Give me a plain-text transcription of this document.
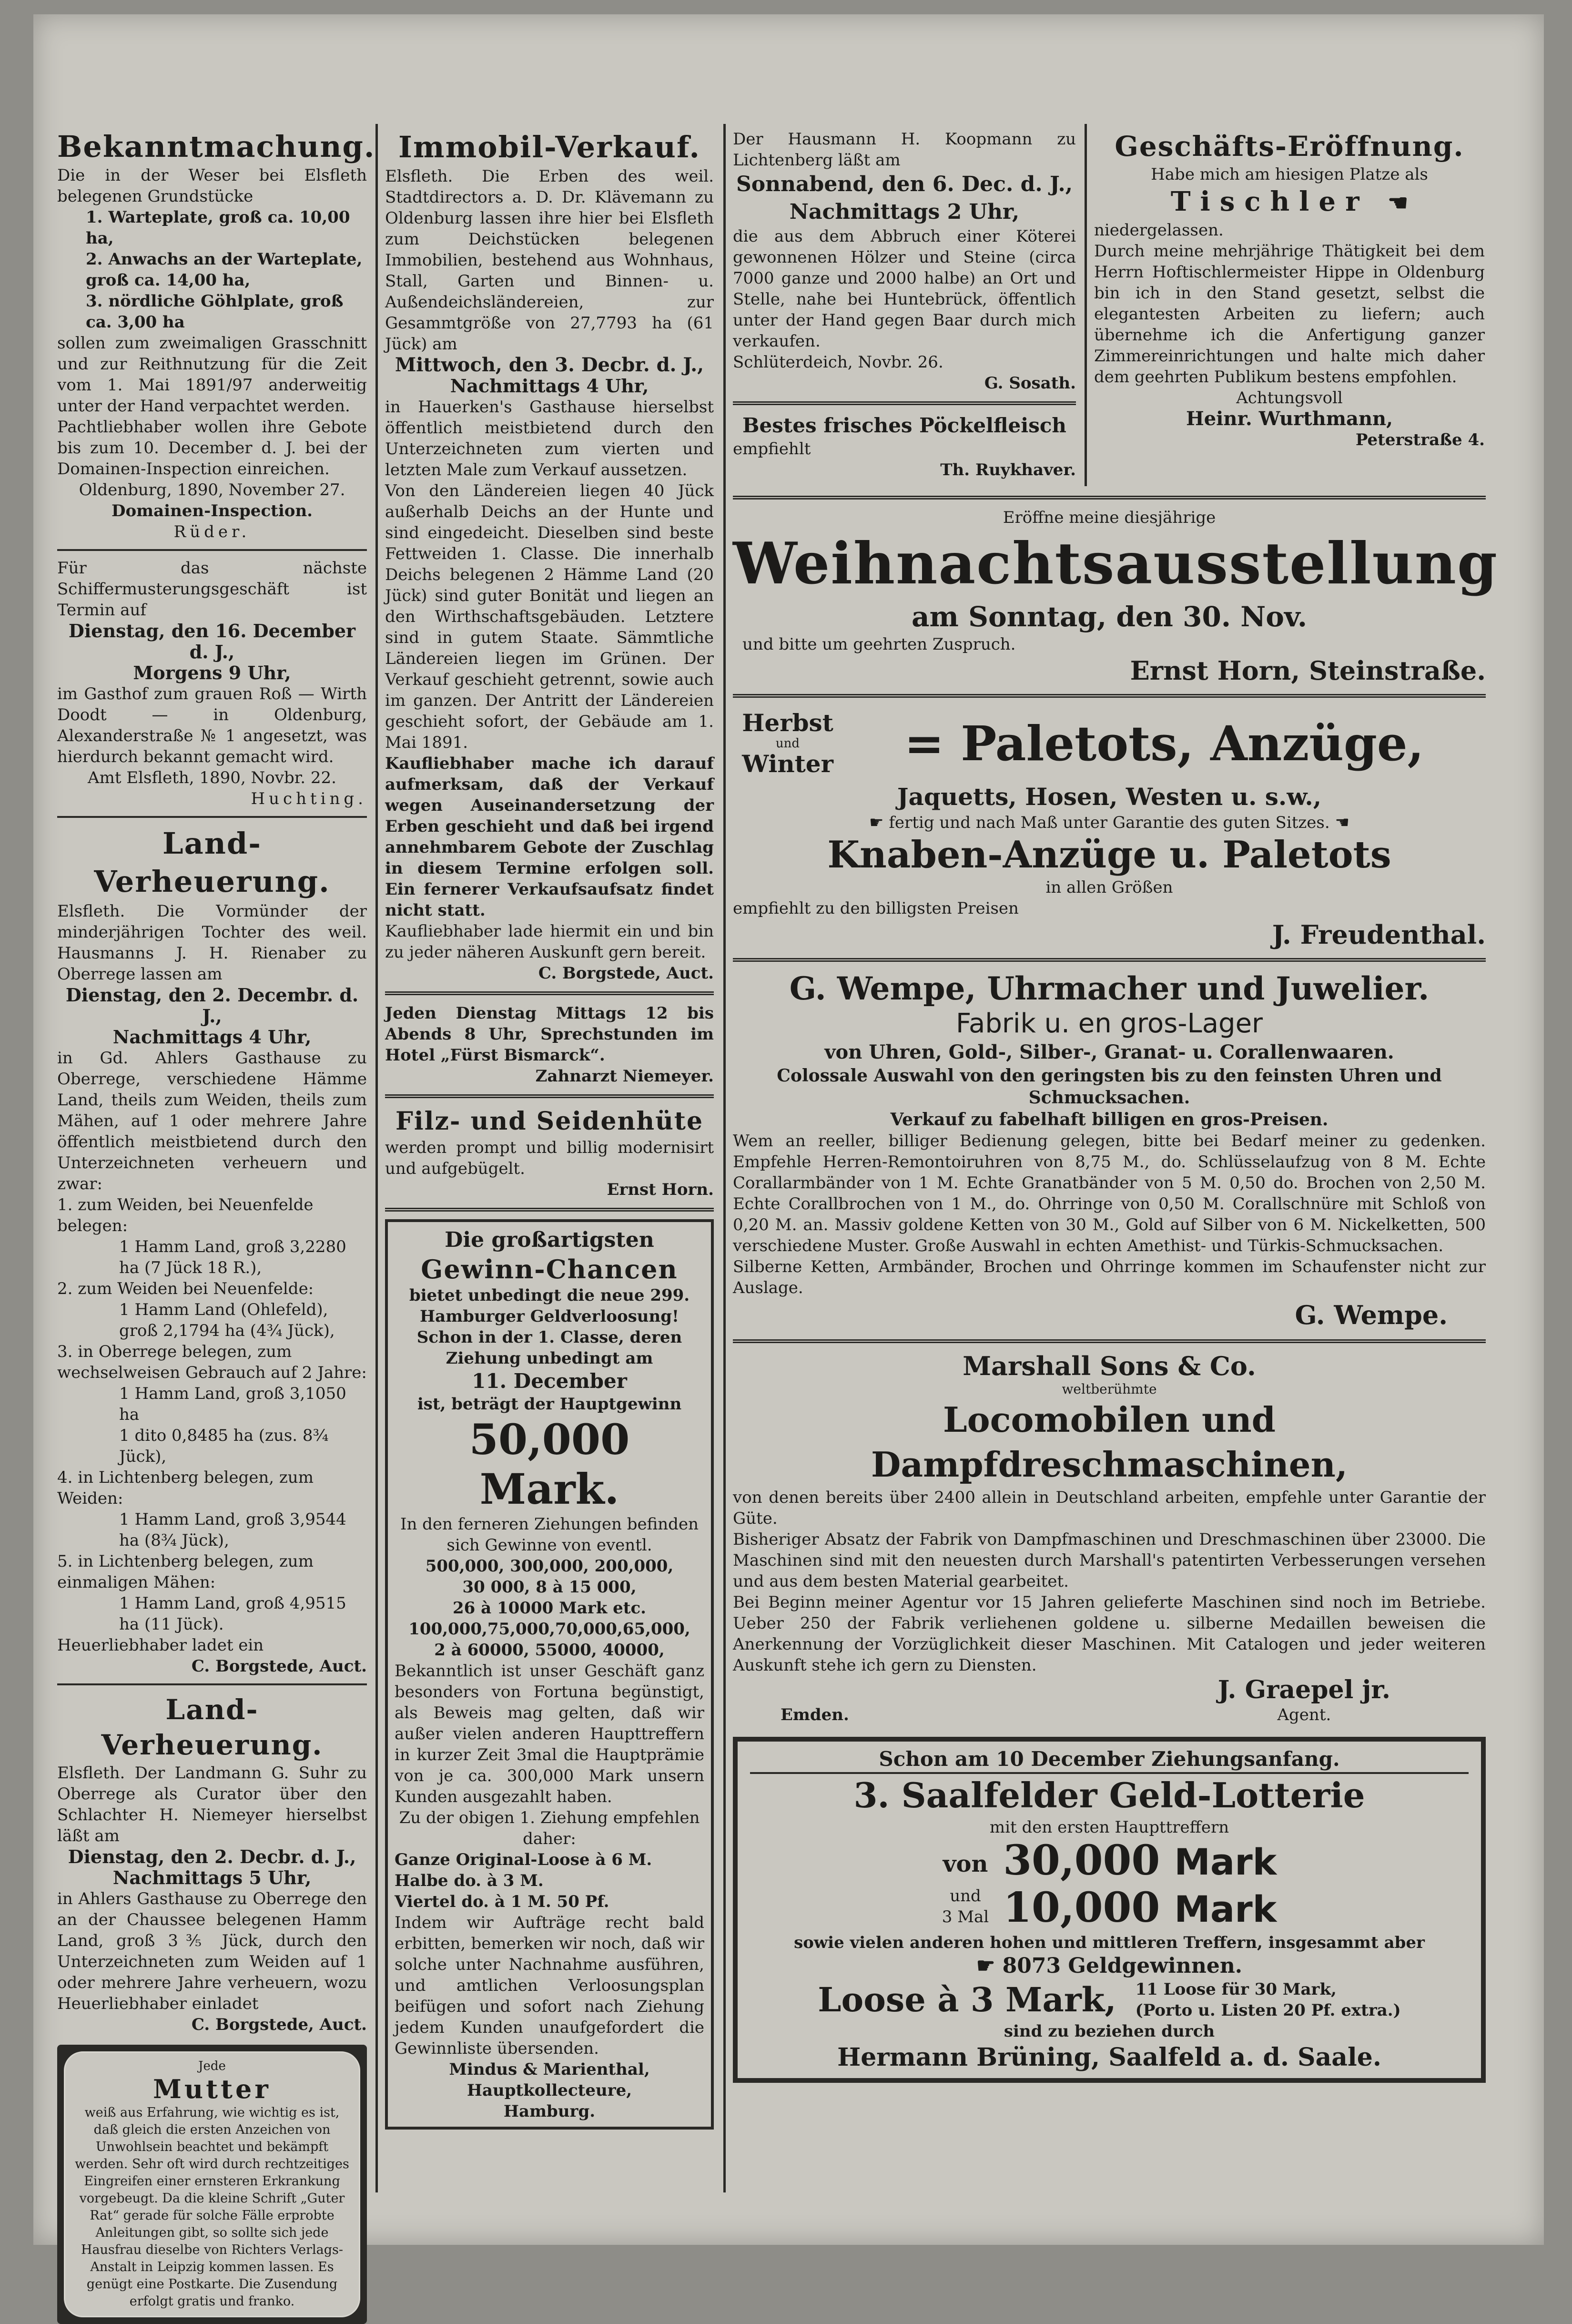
Bekanntmachung.

Die in der Weser bei Elsfleth belegenen Grundstücke

1. Warteplate, groß ca. 10,00 ha,

2. Anwachs an der Warteplate, groß ca. 14,00 ha,

3. nördliche Göhlplate, groß ca. 3,00 ha

sollen zum zweimaligen Grasschnitt und zur Reithnutzung für die Zeit vom 1. Mai 1891/97 anderweitig unter der Hand verpachtet werden.

Pachtliebhaber wollen ihre Gebote bis zum 10. December d. J. bei der Domainen-Inspection einreichen.

Oldenburg, 1890, November 27.

Domainen-Inspection.

Rüder.

Für das nächste Schiffermusterungsgeschäft ist Termin auf

Dienstag, den 16. December d. J.,

Morgens 9 Uhr,

im Gasthof zum grauen Roß — Wirth Doodt — in Oldenburg, Alexanderstraße № 1 angesetzt, was hierdurch bekannt gemacht wird.

Amt Elsfleth, 1890, Novbr. 22.

Huchting.

Land-Verheuerung.

Elsfleth. Die Vormünder der minderjährigen Tochter des weil. Hausmanns J. H. Rienaber zu Oberrege lassen am

Dienstag, den 2. Decembr. d. J.,

Nachmittags 4 Uhr,

in Gd. Ahlers Gasthause zu Oberrege, verschiedene Hämme Land, theils zum Weiden, theils zum Mähen, auf 1 oder mehrere Jahre öffentlich meistbietend durch den Unterzeichneten verheuern und zwar:

1. zum Weiden, bei Neuenfelde belegen:

1 Hamm Land, groß 3,2280 ha (7 Jück 18 R.),

2. zum Weiden bei Neuenfelde:

1 Hamm Land (Ohlefeld), groß 2,1794 ha (4¾ Jück),

3. in Oberrege belegen, zum wechselweisen Gebrauch auf 2 Jahre:

1 Hamm Land, groß 3,1050 ha

1 dito 0,8485 ha (zus. 8¾ Jück),

4. in Lichtenberg belegen, zum Weiden:

1 Hamm Land, groß 3,9544 ha (8¾ Jück),

5. in Lichtenberg belegen, zum einmaligen Mähen:

1 Hamm Land, groß 4,9515 ha (11 Jück).

Heuerliebhaber ladet ein

C. Borgstede, Auct.

Land-Verheuerung.

Elsfleth. Der Landmann G. Suhr zu Oberrege als Curator über den Schlachter H. Niemeyer hierselbst läßt am

Dienstag, den 2. Decbr. d. J.,

Nachmittags 5 Uhr,

in Ahlers Gasthause zu Oberrege den an der Chaussee belegenen Hamm Land, groß 3⅗ Jück, durch den Unterzeichneten zum Weiden auf 1 oder mehrere Jahre verheuern, wozu Heuerliebhaber einladet

C. Borgstede, Auct.

Jede

Mutter

weiß aus Erfahrung, wie wichtig es ist, daß gleich die ersten Anzeichen von Unwohlsein beachtet und bekämpft werden. Sehr oft wird durch rechtzeitiges Eingreifen einer ernsteren Erkrankung vorgebeugt. Da die kleine Schrift „Guter Rat“ gerade für solche Fälle erprobte Anleitungen gibt, so sollte sich jede Hausfrau dieselbe von Richters Verlags-Anstalt in Leipzig kommen lassen. Es genügt eine Postkarte. Die Zusendung erfolgt gratis und franko.

Immobil-Verkauf.

Elsfleth. Die Erben des weil. Stadtdirectors a. D. Dr. Klävemann zu Oldenburg lassen ihre hier bei Elsfleth zum Deichstücken belegenen Immobilien, bestehend aus Wohnhaus, Stall, Garten und Binnen- u. Außendeichsländereien, zur Gesammtgröße von 27,7793 ha (61 Jück) am

Mittwoch, den 3. Decbr. d. J.,

Nachmittags 4 Uhr,

in Hauerken's Gasthause hierselbst öffentlich meistbietend durch den Unterzeichneten zum vierten und letzten Male zum Verkauf aussetzen.

Von den Ländereien liegen 40 Jück außerhalb Deichs an der Hunte und sind eingedeicht. Dieselben sind beste Fettweiden 1. Classe. Die innerhalb Deichs belegenen 2 Hämme Land (20 Jück) sind guter Bonität und liegen an den Wirthschaftsgebäuden. Letztere sind in gutem Staate. Sämmtliche Ländereien liegen im Grünen. Der Verkauf geschieht getrennt, sowie auch im ganzen. Der Antritt der Ländereien geschieht sofort, der Gebäude am 1. Mai 1891.

Kaufliebhaber mache ich darauf aufmerksam, daß der Verkauf wegen Auseinandersetzung der Erben geschieht und daß bei irgend annehmbarem Gebote der Zuschlag in diesem Termine erfolgen soll. Ein fernerer Verkaufsaufsatz findet nicht statt.

Kaufliebhaber lade hiermit ein und bin zu jeder näheren Auskunft gern bereit.

C. Borgstede, Auct.

Jeden Dienstag Mittags 12 bis Abends 8 Uhr, Sprechstunden im Hotel „Fürst Bismarck“.

Zahnarzt Niemeyer.

Filz- und Seidenhüte

werden prompt und billig modernisirt und aufgebügelt.

Ernst Horn.

Die großartigsten

Gewinn-Chancen

bietet unbedingt die neue 299. Hamburger Geldverloosung!

Schon in der 1. Classe, deren Ziehung unbedingt am

11. December

ist, beträgt der Hauptgewinn

50,000 Mark.

In den ferneren Ziehungen befinden sich Gewinne von eventl.

500,000, 300,000, 200,000,

30 000, 8 à 15 000,

26 à 10000 Mark etc.

100,000,75,000,70,000,65,000,

2 à 60000, 55000, 40000,

Bekanntlich ist unser Geschäft ganz besonders von Fortuna begünstigt, als Beweis mag gelten, daß wir außer vielen anderen Haupttreffern in kurzer Zeit 3mal die Hauptprämie von je ca. 300,000 Mark unsern Kunden ausgezahlt haben.

Zu der obigen 1. Ziehung empfehlen daher:

Ganze Original-Loose à 6 M.

Halbe do. à 3 M.

Viertel do. à 1 M. 50 Pf.

Indem wir Aufträge recht bald erbitten, bemerken wir noch, daß wir solche unter Nachnahme ausführen, und amtlichen Verloosungsplan beifügen und sofort nach Ziehung jedem Kunden unaufgefordert die Gewinnliste übersenden.

Mindus & Marienthal,

Hauptkollecteure,

Hamburg.

Der Hausmann H. Koopmann zu Lichtenberg läßt am

Sonnabend, den 6. Dec. d. J.,

Nachmittags 2 Uhr,

die aus dem Abbruch einer Köterei gewonnenen Hölzer und Steine (circa 7000 ganze und 2000 halbe) an Ort und Stelle, nahe bei Huntebrück, öffentlich unter der Hand gegen Baar durch mich verkaufen.

Schlüterdeich, Novbr. 26.

G. Sosath.

Bestes frisches Pöckelfleisch

empfiehlt

Th. Ruykhaver.

Geschäfts-Eröffnung.

Habe mich am hiesigen Platze als

Tischler ☚

niedergelassen.

Durch meine mehrjährige Thätigkeit bei dem Herrn Hoftischlermeister Hippe in Oldenburg bin ich in den Stand gesetzt, selbst die elegantesten Arbeiten zu liefern; auch übernehme ich die Anfertigung ganzer Zimmereinrichtungen und halte mich daher dem geehrten Publikum bestens empfohlen.

Achtungsvoll

Heinr. Wurthmann,

Peterstraße 4.

Eröffne meine diesjährige

Weihnachtsausstellung

am Sonntag, den 30. Nov.

und bitte um geehrten Zuspruch.

Ernst Horn, Steinstraße.

Herbst

und

Winter	= Paletots, Anzüge,

Jaquetts, Hosen, Westen u. s.w.,

☛ fertig und nach Maß unter Garantie des guten Sitzes. ☚

Knaben-Anzüge u. Paletots

in allen Größen

empfiehlt zu den billigsten Preisen

J. Freudenthal.

G. Wempe, Uhrmacher und Juwelier.

Fabrik u. en gros-Lager

von Uhren, Gold-, Silber-, Granat- u. Corallenwaaren.

Colossale Auswahl von den geringsten bis zu den feinsten Uhren und Schmucksachen.

Verkauf zu fabelhaft billigen en gros-Preisen.

Wem an reeller, billiger Bedienung gelegen, bitte bei Bedarf meiner zu gedenken. Empfehle Herren-Remontoiruhren von 8,75 M., do. Schlüsselaufzug von 8 M. Echte Corallarmbänder von 1 M. Echte Granatbänder von 5 M. 0,50 do. Brochen von 2,50 M. Echte Corallbrochen von 1 M., do. Ohrringe von 0,50 M. Corallschnüre mit Schloß von 0,20 M. an. Massiv goldene Ketten von 30 M., Gold auf Silber von 6 M. Nickelketten, 500 verschiedene Muster. Große Auswahl in echten Amethist- und Türkis-Schmucksachen.

Silberne Ketten, Armbänder, Brochen und Ohrringe kommen im Schaufenster nicht zur Auslage.

G. Wempe.

Marshall Sons & Co.

weltberühmte

Locomobilen und Dampfdreschmaschinen,

von denen bereits über 2400 allein in Deutschland arbeiten, empfehle unter Garantie der Güte.

Bisheriger Absatz der Fabrik von Dampfmaschinen und Dreschmaschinen über 23000. Die Maschinen sind mit den neuesten durch Marshall's patentirten Verbesserungen versehen und aus dem besten Material gearbeitet.

Bei Beginn meiner Agentur vor 15 Jahren gelieferte Maschinen sind noch im Betriebe. Ueber 250 der Fabrik verliehenen goldene u. silberne Medaillen beweisen die Anerkennung der Vorzüglichkeit dieser Maschinen. Mit Catalogen und jeder weiteren Auskunft stehe ich gern zu Diensten.

Emden.

J. Graepel jr.

Agent.

Schon am 10 December Ziehungsanfang.

3. Saalfelder Geld-Lotterie

mit den ersten Haupttreffern

von

und

3 Mal

30,000 Mark

10,000 Mark

sowie vielen anderen hohen und mittleren Treffern, insgesammt aber

☛ 8073 Geldgewinnen.

Loose à 3 Mark, 11 Loose für 30 Mark,

(Porto u. Listen 20 Pf. extra.)

sind zu beziehen durch

Hermann Brüning, Saalfeld a. d. Saale.
